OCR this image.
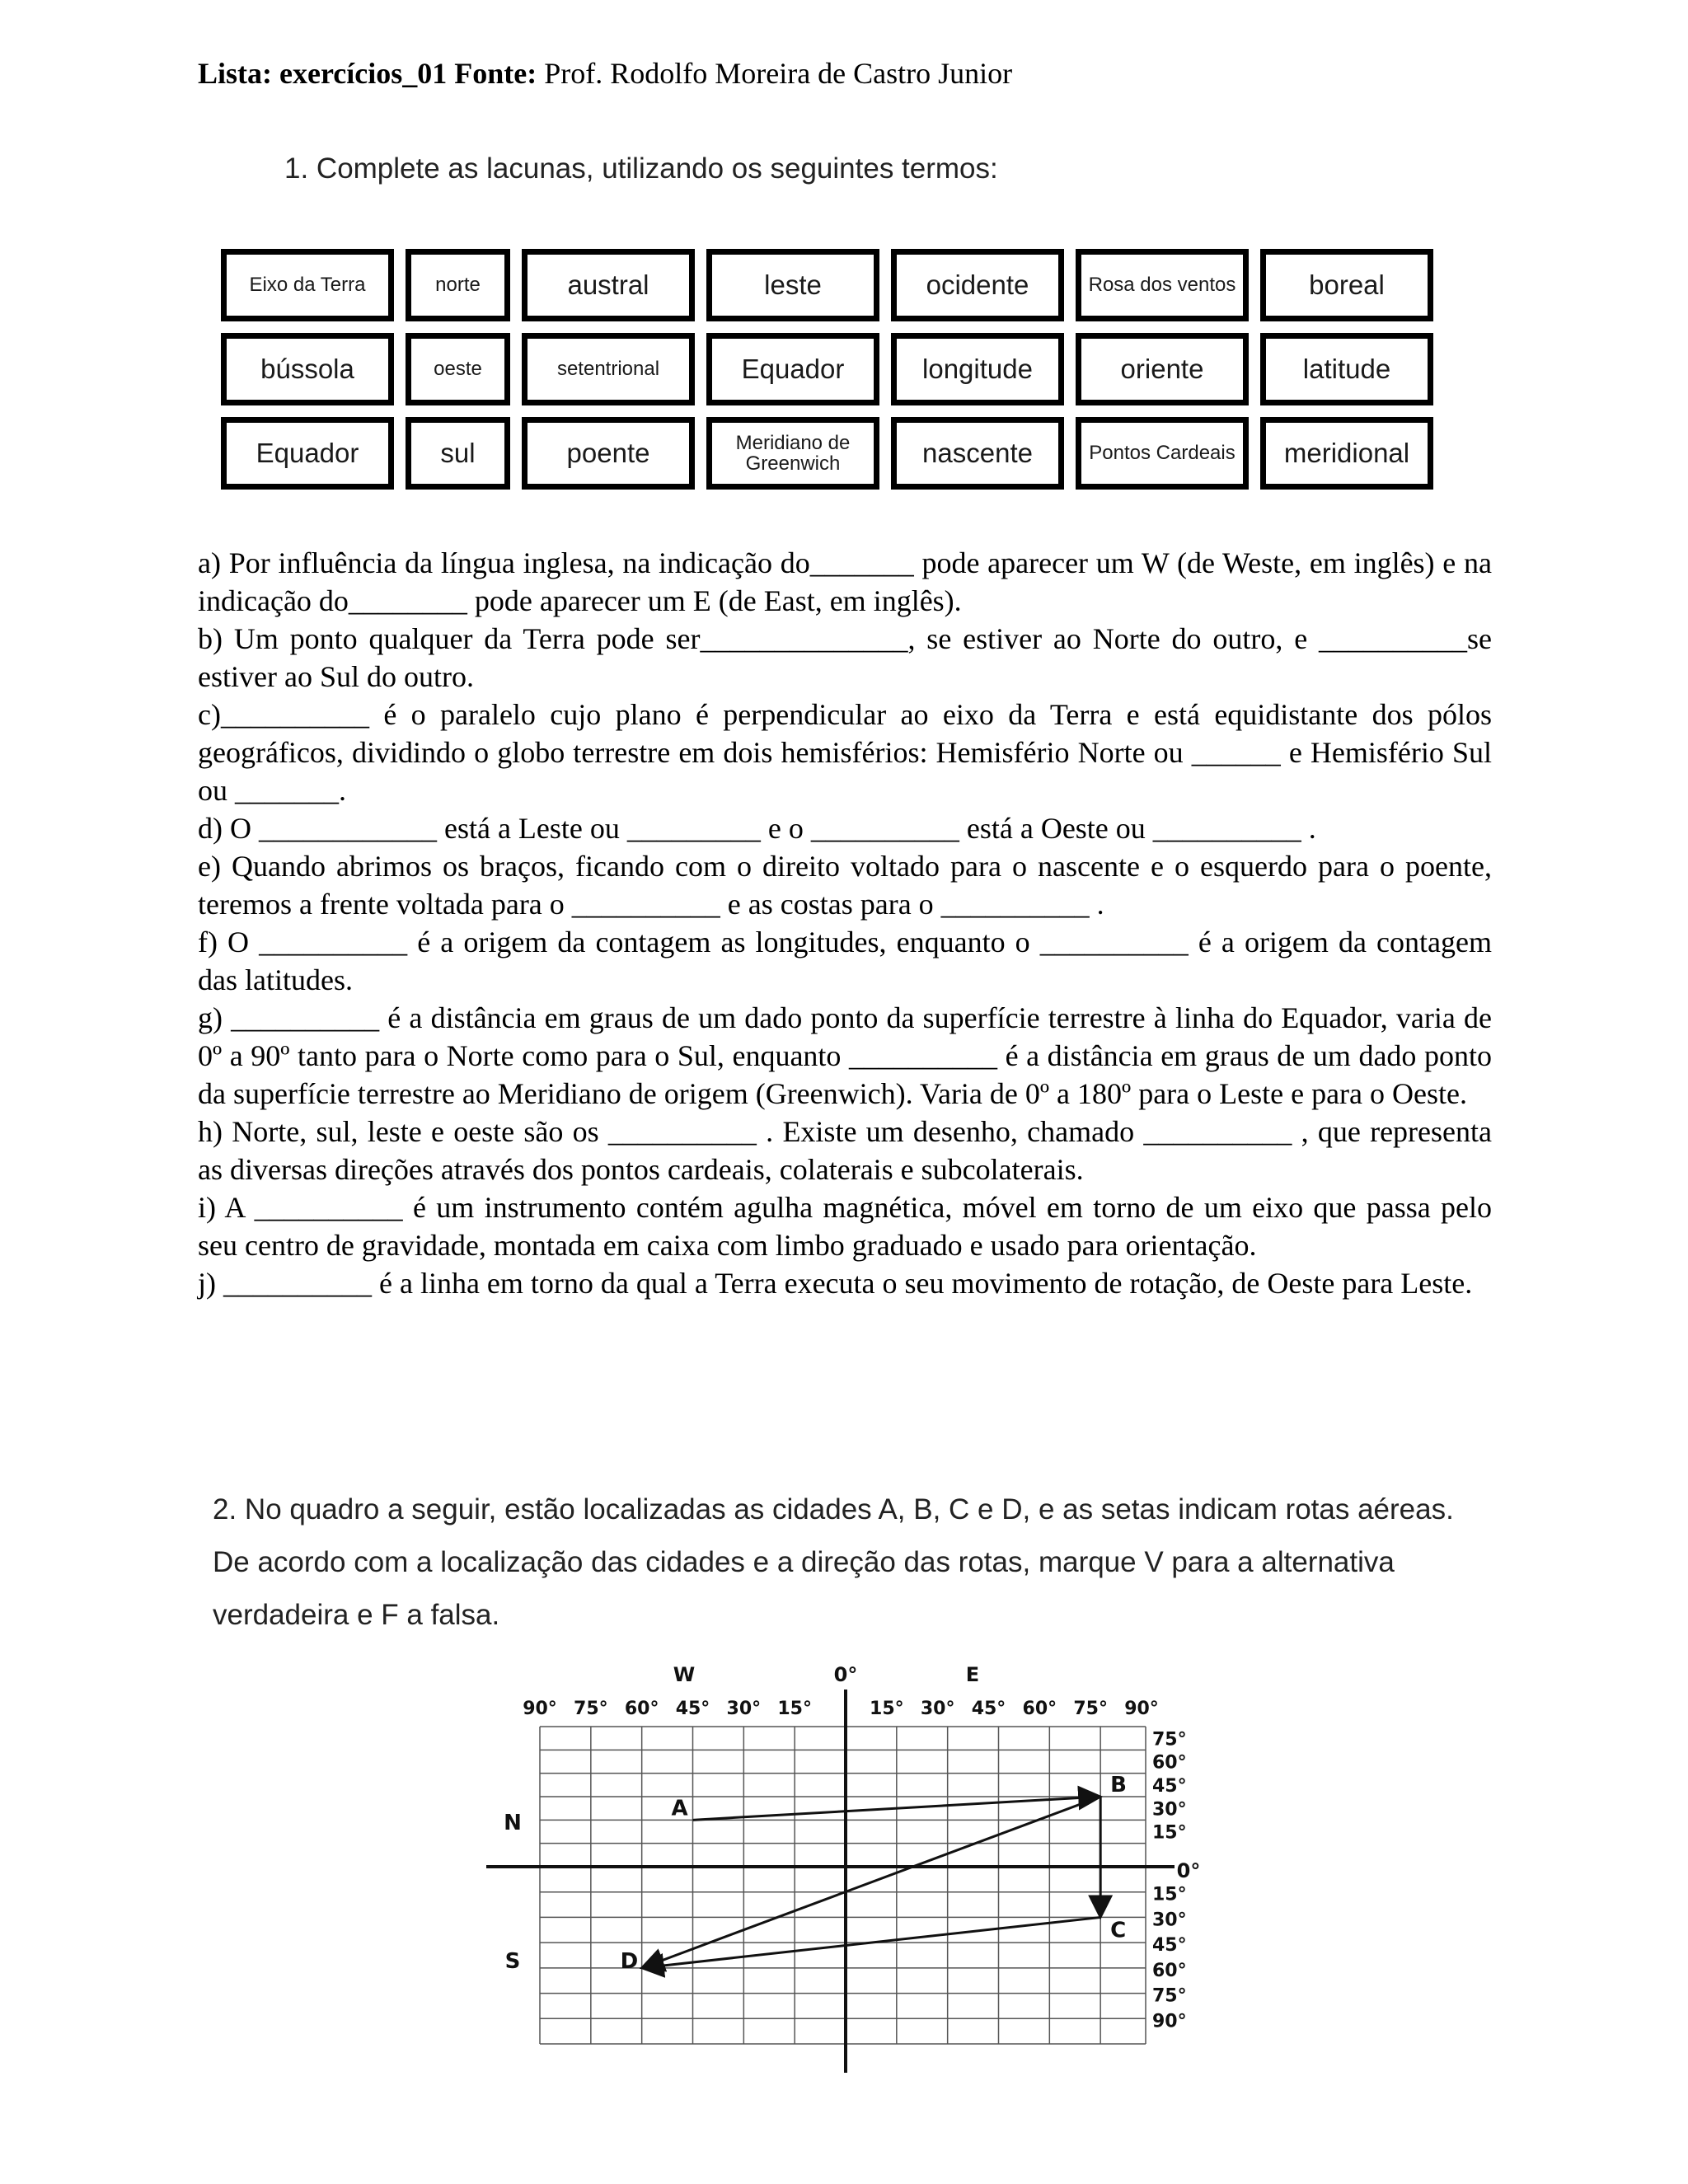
Lista: exercícios_01 Fonte: Prof. Rodolfo Moreira de Castro Junior
1. Complete as lacunas, utilizando os seguintes termos:
Eixo da Terra	norte	austral	leste	ocidente	Rosa dos ventos	boreal
bússola	oeste	setentrional	Equador	longitude	oriente	latitude
Equador	sul	poente	Meridiano de Greenwich	nascente	Pontos Cardeais	meridional

a) Por influência da língua inglesa, na indicação do_______ pode aparecer um W (de Weste, em inglês) e na indicação do________ pode aparecer um E (de East, em inglês).

b) Um ponto qualquer da Terra pode ser______________, se estiver ao Norte do outro, e __________se estiver ao Sul do outro.

c)__________ é o paralelo cujo plano é perpendicular ao eixo da Terra e está equidistante dos pólos geográficos, dividindo o globo terrestre em dois hemisférios: Hemisfério Norte ou ______ e Hemisfério Sul ou _______.

d) O ____________ está a Leste ou _________ e o __________ está a Oeste ou __________ .

e) Quando abrimos os braços, ficando com o direito voltado para o nascente e o esquerdo para o poente, teremos a frente voltada para o __________ e as costas para o __________ .

f) O __________ é a origem da contagem as longitudes, enquanto o __________ é a origem da contagem das latitudes.

g) __________ é a distância em graus de um dado ponto da superfície terrestre à linha do Equador, varia de 0º a 90º tanto para o Norte como para o Sul, enquanto __________ é a distância em graus de um dado ponto da superfície terrestre ao Meridiano de origem (Greenwich). Varia de 0º a 180º para o Leste e para o Oeste.

h) Norte, sul, leste e oeste são os __________ . Existe um desenho, chamado __________ , que representa as diversas direções através dos pontos cardeais, colaterais e subcolaterais.

i) A __________ é um instrumento contém agulha magnética, móvel em torno de um eixo que passa pelo seu centro de gravidade, montada em caixa com limbo graduado e usado para orientação.

j) __________ é a linha em torno da qual a Terra executa o seu movimento de rotação, de Oeste para Leste.

2. No quadro a seguir, estão localizadas as cidades A, B, C e D, e as setas indicam rotas aéreas. De acordo com a localização das cidades e a direção das rotas, marque V para a alternativa verdadeira e F a falsa.
W	0°	E
N
S
0°
90° 75° 60° 45° 30° 15°	15° 30° 45° 60° 75° 90°
75°
60°
45°
30°
15°
15°
30°
45°
60°
75°
90°
A
B
C
D
